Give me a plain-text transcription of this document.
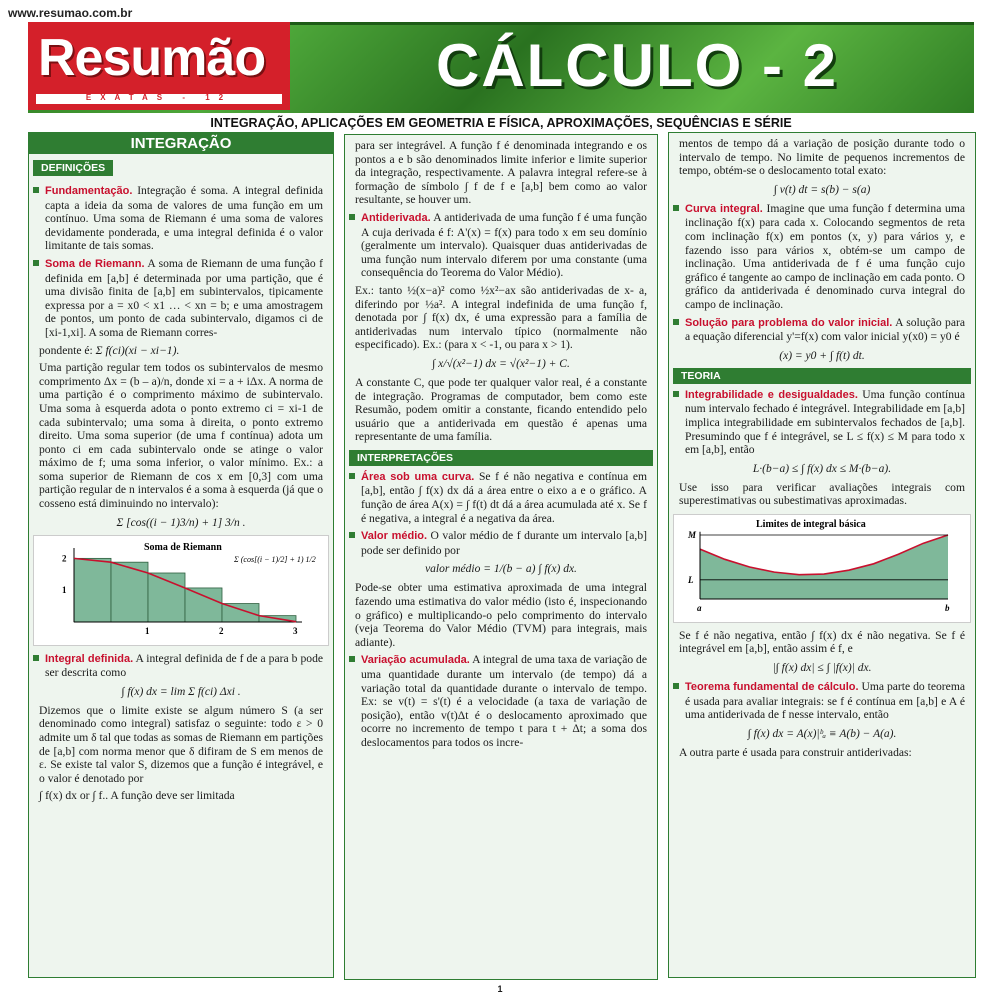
www.resumao.com.br
Resumão
EXATAS - 12	CÁLCULO - 2
INTEGRAÇÃO, APLICAÇÕES EM GEOMETRIA E FÍSICA, APROXIMAÇÕES, SEQUÊNCIAS E SÉRIE
INTEGRAÇÃO
DEFINIÇÕES
Fundamentação. Integração é soma. A integral definida capta a ideia da soma de valores de uma função em um contínuo. Uma soma de Riemann é uma soma de valores devidamente ponderada, e uma integral definida é o valor limitante de tais somas.
Soma de Riemann. A soma de Riemann de uma função f definida em [a,b] é determinada por uma partição, que é uma divisão finita de [a,b] em subintervalos, tipicamente expressa por a = x0 < x1 … < xn = b; e uma amostragem de pontos, um ponto de cada subintervalo, digamos ci de [xi-1,xi]. A soma de Riemann corres-
pondente é: Σ f(ci)(xi − xi−1).
Uma partição regular tem todos os subintervalos de mesmo comprimento Δx = (b – a)/n, donde xi = a + iΔx. A norma de uma partição é o comprimento máximo de subintervalo. Uma soma à esquerda adota o ponto extremo ci = xi-1 de cada subintervalo; uma soma à direita, o ponto extremo direito. Uma soma superior (de uma f contínua) adota um ponto ci em cada subintervalo onde se atinge o valor máximo de f; uma soma inferior, o valor mínimo. Ex.: a soma superior de Riemann de cos x em [0,3] com uma partição regular de n intervalos é a soma à esquerda (já que o cosseno está diminuindo no intervalo):
Σ [cos((i − 1)3/n) + 1] 3/n .
Soma de Riemann
Σ (cos[(i − 1)/2] + 1) 1/2
1	2	3
1
2
Integral definida. A integral definida de f de a para b pode ser descrita como
∫ f(x) dx = lim Σ f(ci) Δxi .
Dizemos que o limite existe se algum número S (a ser denominado como integral) satisfaz o seguinte: todo ε > 0 admite um δ tal que todas as somas de Riemann em partições de [a,b] com norma menor que δ difiram de S em menos de ε. Se existe tal valor S, dizemos que a função é integrável, e o valor é denotado por
∫ f(x) dx or ∫ f.. A função deve ser limitada
para ser integrável. A função f é denominada integrando e os pontos a e b são denominados limite inferior e limite superior da integração, respectivamente. A palavra integral refere-se à formação de símbolo ∫ f de f e [a,b] bem como ao valor resultante, se houver um.
Antiderivada. A antiderivada de uma função f é uma função A cuja derivada é f: A'(x) = f(x) para todo x em seu domínio (geralmente um intervalo). Quaisquer duas antiderivadas de uma função num intervalo diferem por uma constante (uma consequência do Teorema do Valor Médio).
Ex.: tanto ½(x−a)² como ½x²−ax são antiderivadas de x- a, diferindo por ½a². A integral indefinida de uma função f, denotada por ∫ f(x) dx, é uma expressão para a família de antiderivadas num intervalo típico (normalmente não especificado). Ex.: (para x < -1, ou para x > 1).
∫ x/√(x²−1) dx = √(x²−1) + C.
A constante C, que pode ter qualquer valor real, é a constante de integração. Programas de computador, bem como este Resumão, podem omitir a constante, ficando entendido pelo usuário que a antiderivada em questão é apenas uma representante de uma família.
INTERPRETAÇÕES
Área sob uma curva. Se f é não negativa e contínua em [a,b], então ∫ f(x) dx dá a área entre o eixo a e o gráfico. A função de área A(x) = ∫ f(t) dt dá a área acumulada até x. Se f é negativa, a integral é a negativa da área.
Valor médio. O valor médio de f durante um intervalo [a,b] pode ser definido por
valor médio = 1/(b − a) ∫ f(x) dx.
Pode-se obter uma estimativa aproximada de uma integral fazendo uma estimativa do valor médio (isto é, inspecionando o gráfico) e multiplicando-o pelo comprimento do intervalo (veja Teorema do Valor Médio (TVM) para integrais, mais adiante).
Variação acumulada. A integral de uma taxa de variação de uma quantidade durante um intervalo (de tempo) dá a variação total da quantidade durante o intervalo de tempo. Ex: se v(t) = s'(t) é a velocidade (a taxa de variação de posição), então v(t)Δt é o deslocamento aproximado que ocorre no incremento de tempo t para t + Δt; a soma dos deslocamentos para todos os incre-
mentos de tempo dá a variação de posição durante todo o intervalo de tempo. No limite de pequenos incrementos de tempo, obtém-se o deslocamento total exato:
∫ v(t) dt = s(b) − s(a)
Curva integral. Imagine que uma função f determina uma inclinação f(x) para cada x. Colocando segmentos de reta com inclinação f(x) em pontos (x, y) para vários y, e fazendo isso para vários x, obtém-se um campo de inclinação. Uma antiderivada de f é uma função cujo gráfico é tangente ao campo de inclinação em cada ponto. O gráfico da antiderivada é denominado curva integral do campo de inclinação.
Solução para problema do valor inicial. A solução para a equação diferencial y'=f(x) com valor inicial y(x0) = y0 é
(x) = y0 + ∫ f(t) dt.
TEORIA
Integrabilidade e desigualdades. Uma função contínua num intervalo fechado é integrável. Integrabilidade em [a,b] implica integrabilidade em subintervalos fechados de [a,b]. Presumindo que f é integrável, se L ≤ f(x) ≤ M para todo x em [a,b], então
L·(b−a) ≤ ∫ f(x) dx ≤ M·(b−a).
Use isso para verificar avaliações integrais com superestimativas ou subestimativas aproximadas.
Limites de integral básica
L
M
a	b
Se f é não negativa, então ∫ f(x) dx é não negativa. Se f é integrável em [a,b], então assim é f, e
|∫ f(x) dx| ≤ ∫ |f(x)| dx.
Teorema fundamental de cálculo. Uma parte do teorema é usada para avaliar integrais: se f é contínua em [a,b] e A é uma antiderivada de f nesse intervalo, então
∫ f(x) dx = A(x)|ᵇₐ ≡ A(b) − A(a).
A outra parte é usada para construir antiderivadas:
1
